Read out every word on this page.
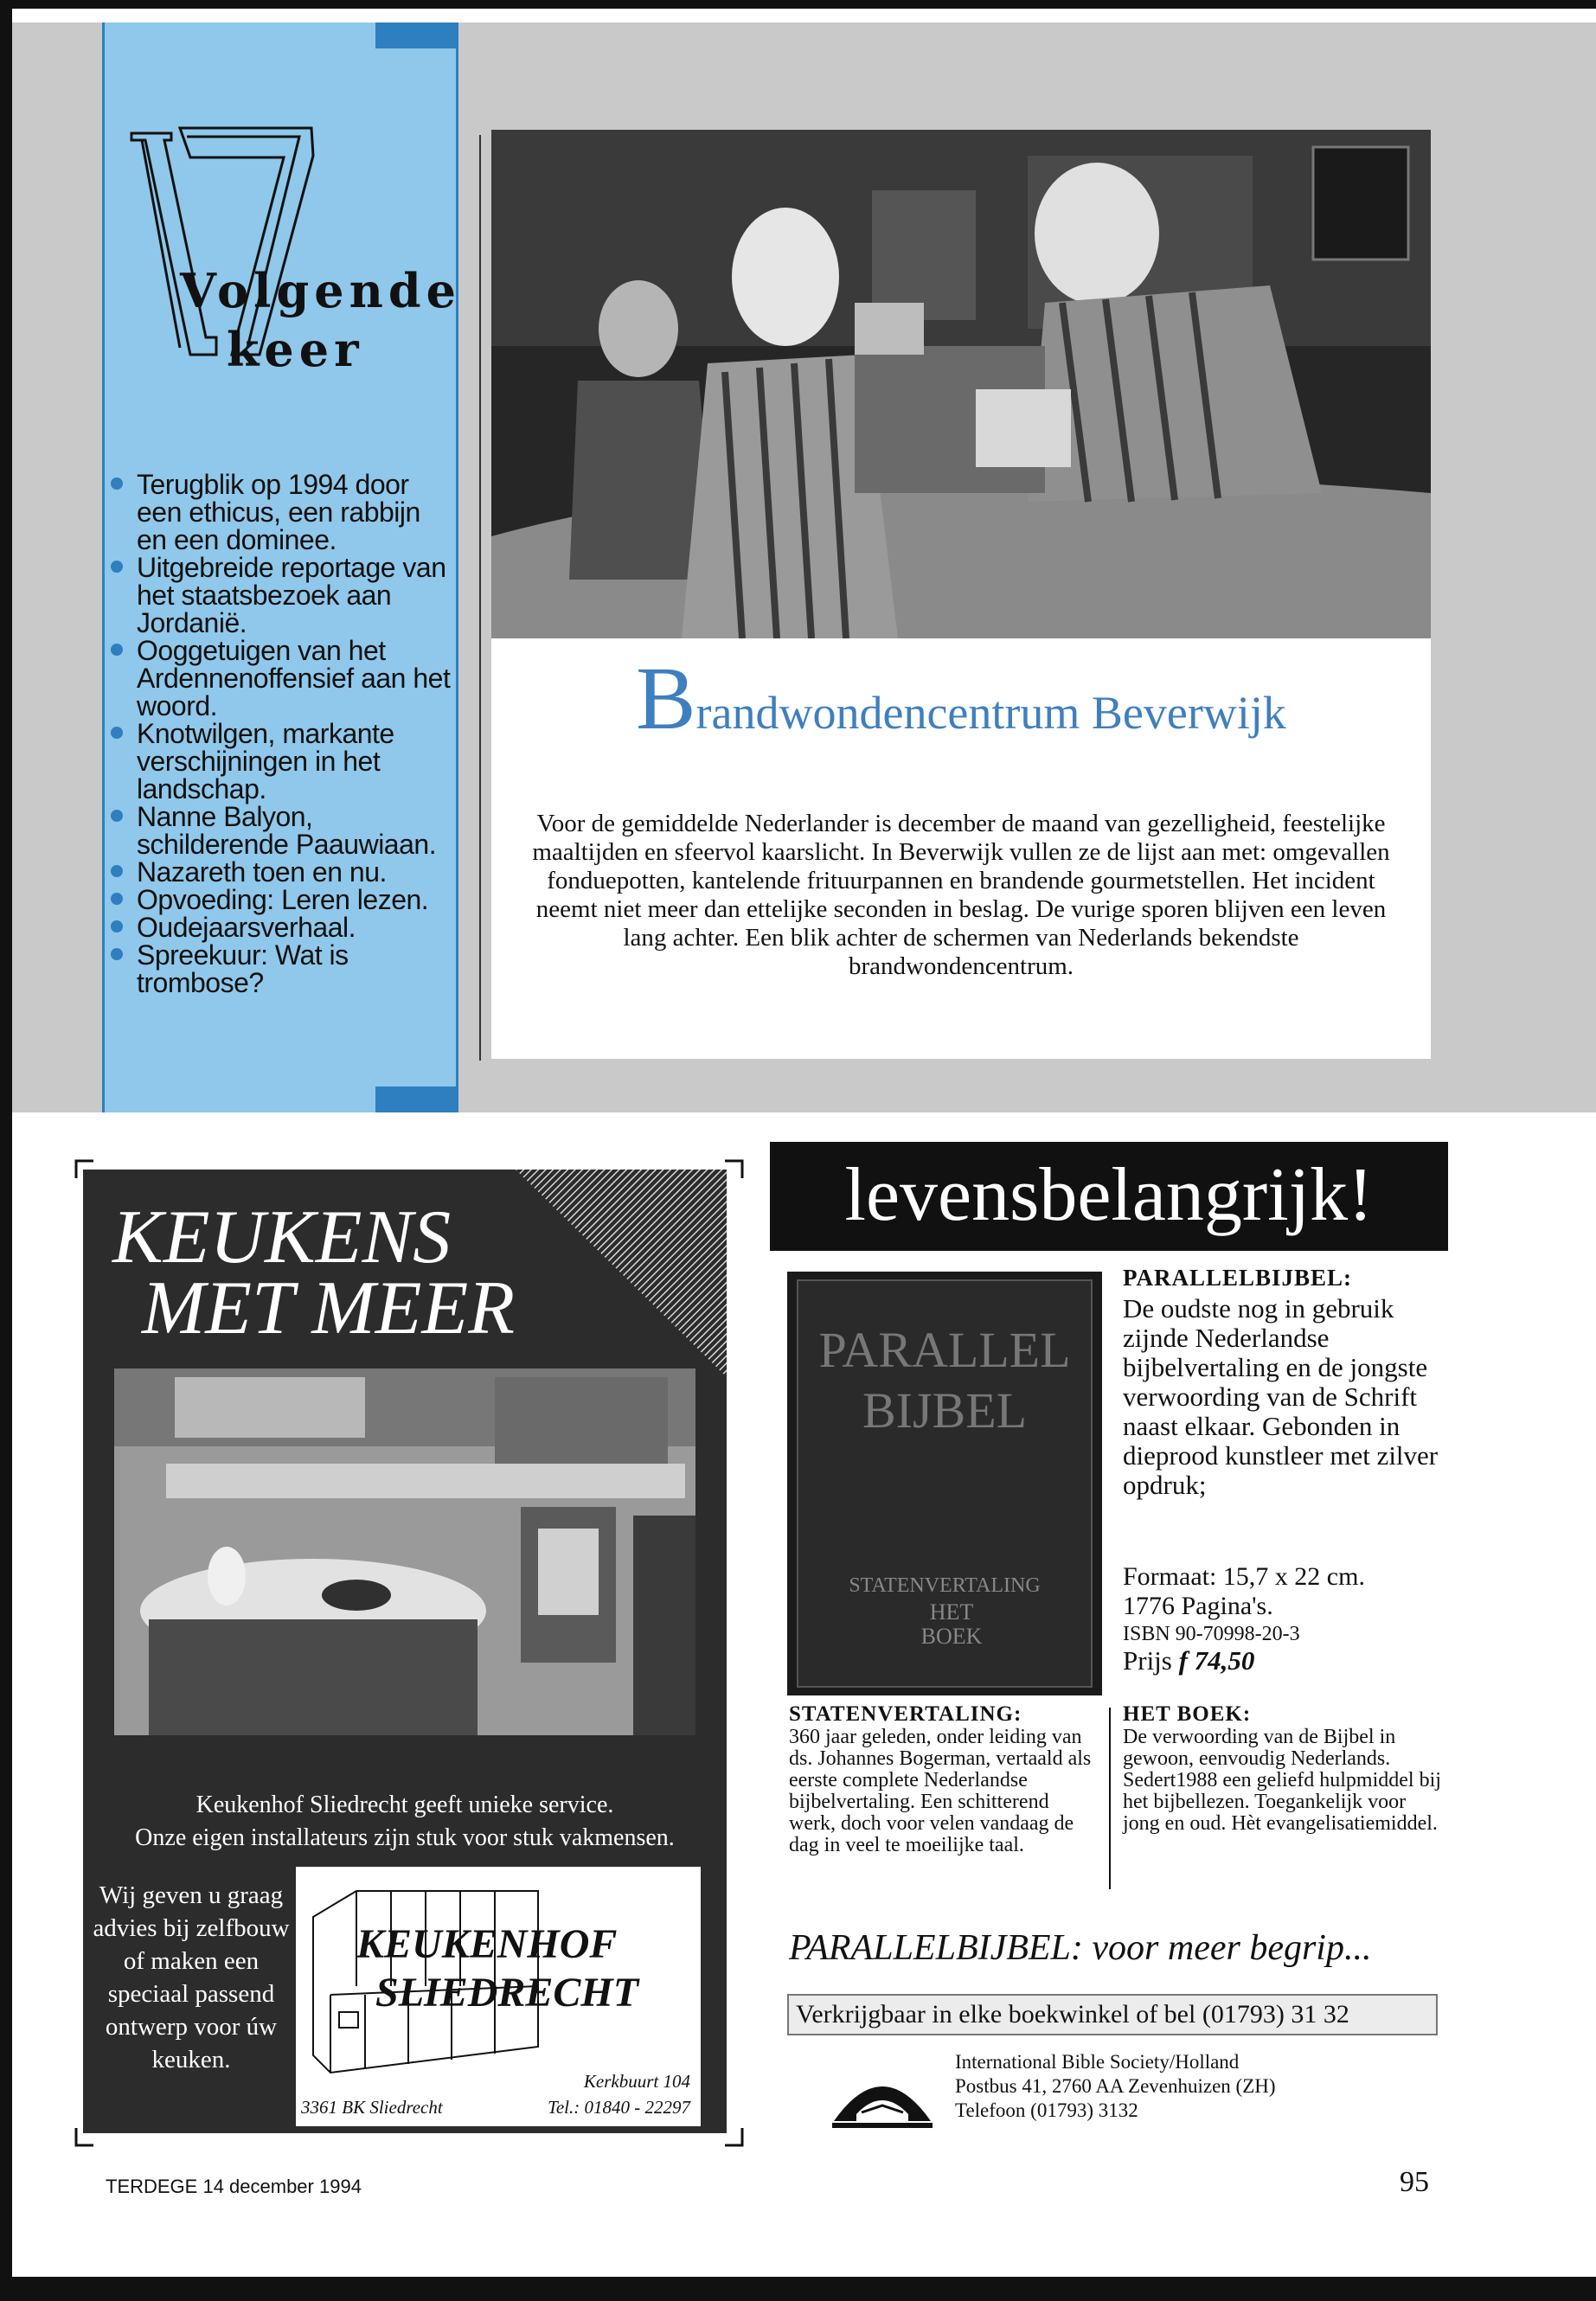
Volgende
keer
Terugblik op 1994 door een ethicus, een rabbijn en een dominee.
Uitgebreide reportage van het staatsbezoek aan Jordanië.
Ooggetuigen van het Ardennenoffensief aan het woord.
Knotwilgen, markante verschijningen in het landschap.
Nanne Balyon, schilderende Paauwiaan.
Nazareth toen en nu.
Opvoeding: Leren lezen.
Oudejaarsverhaal.
Spreekuur: Wat is trombose?
Brandwondencentrum Beverwijk
Voor de gemiddelde Nederlander is december de maand van gezelligheid, feestelijke maaltijden en sfeervol kaarslicht. In Beverwijk vullen ze de lijst aan met: omgevallen fonduepotten, kantelende frituurpannen en brandende gourmetstellen. Het incident neemt niet meer dan ettelijke seconden in beslag. De vurige sporen blijven een leven lang achter. Een blik achter de schermen van Nederlands bekendste brandwondencentrum.
KEUKENS
MET MEER
Keukenhof Sliedrecht geeft unieke service.
Onze eigen installateurs zijn stuk voor stuk vakmensen.
Wij geven u graag advies bij zelfbouw of maken een speciaal passend ontwerp voor úw keuken.
KEUKENHOF
SLIEDRECHT
Kerkbuurt 104
3361 BK Sliedrecht	Tel.: 01840 - 22297
levensbelangrijk!
PARALLEL
BIJBEL
STATENVERTALING
HET
BOEK
PARALLELBIJBEL:
De oudste nog in gebruik zijnde Nederlandse bijbelvertaling en de jongste verwoording van de Schrift naast elkaar. Gebonden in dieprood kunstleer met zilver opdruk;
Formaat: 15,7 x 22 cm.
1776 Pagina's.
ISBN 90-70998-20-3
Prijs f 74,50
STATENVERTALING:
360 jaar geleden, onder leiding van ds. Johannes Bogerman, vertaald als eerste complete Nederlandse bijbelvertaling. Een schitterend werk, doch voor velen vandaag de dag in veel te moeilijke taal.
HET BOEK:
De verwoording van de Bijbel in gewoon, eenvoudig Nederlands. Sedert1988 een geliefd hulpmiddel bij het bijbellezen. Toegankelijk voor jong en oud. Hèt evangelisatiemiddel.
PARALLELBIJBEL: voor meer begrip...
Verkrijgbaar in elke boekwinkel of bel (01793) 31 32
International Bible Society/Holland
Postbus 41, 2760 AA Zevenhuizen (ZH)
Telefoon (01793) 3132
TERDEGE 14 december 1994	95
